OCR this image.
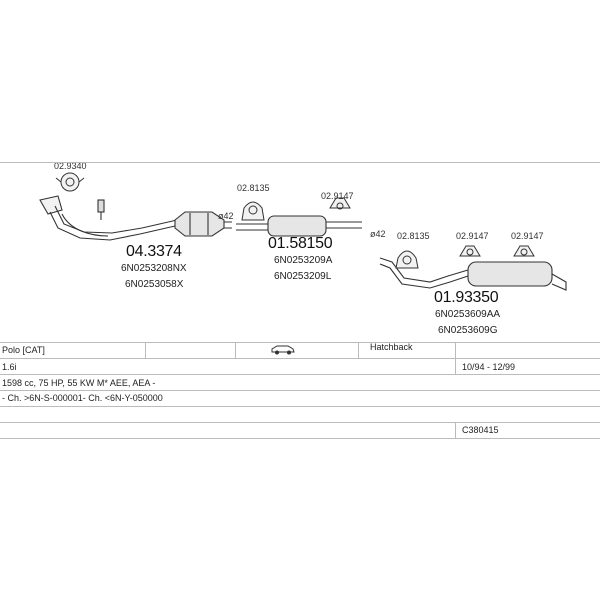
02.9340
02.8135
02.9147
02.8135	02.9147 02.9147
ø42
ø42
04.3374
6N0253208NX
6N0253058X
01.58150
6N0253209A
6N0253209L
01.93350
6N0253609AA
6N0253609G
Polo [CAT]	Hatchback
1.6i	10/94 - 12/99
1598 cc, 75 HP, 55 KW M* AEE, AEA -
- Ch. >6N-S-000001- Ch. <6N-Y-050000
C380415
